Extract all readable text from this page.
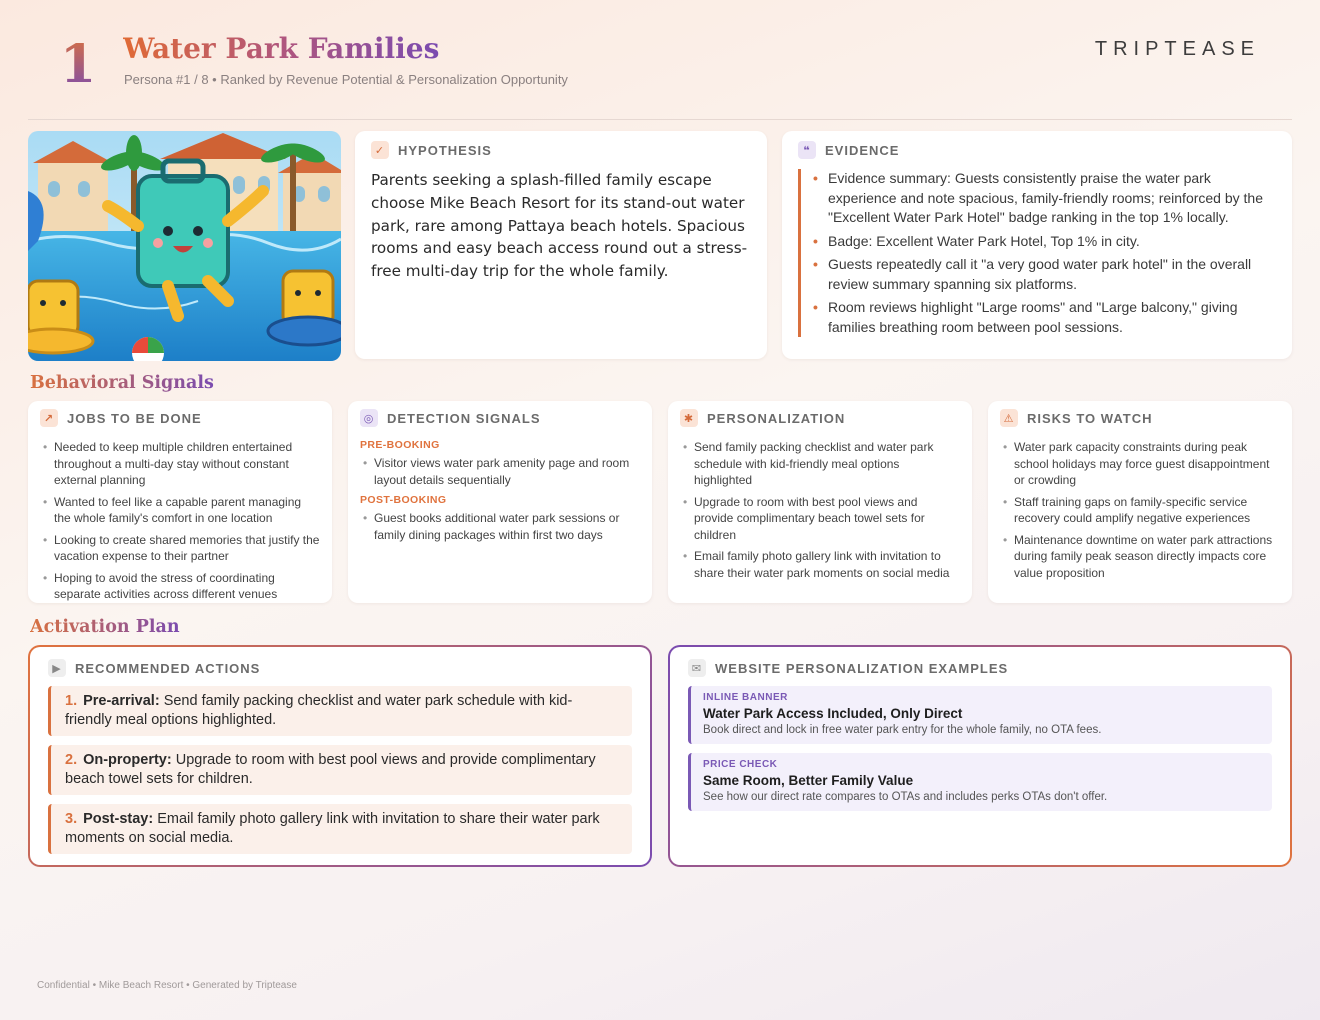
1 Water Park Families
Persona #1 / 8 • Ranked by Revenue Potential & Personalization Opportunity
TRIPTEASE
✓ HYPOTHESIS

Parents seeking a splash-filled family escape choose Mike Beach Resort for its stand-out water park, rare among Pattaya beach hotels. Spacious rooms and easy beach access round out a stress-free multi-day trip for the whole family.

❝	EVIDENCE
• Evidence summary: Guests consistently praise the water park experience and note spacious, family-friendly rooms; reinforced by the "Excellent Water Park Hotel" badge ranking in the top 1% locally.
• Badge: Excellent Water Park Hotel, Top 1% in city.
• Guests repeatedly call it "a very good water park hotel" in the overall review summary spanning six platforms.
• Room reviews highlight "Large rooms" and "Large balcony," giving families breathing room between pool sessions.
Behavioral Signals
↗ JOBS TO BE DONE
• Needed to keep multiple children entertained throughout a multi-day stay without constant external planning
• Wanted to feel like a capable parent managing the whole family's comfort in one location
• Looking to create shared memories that justify the vacation expense to their partner
• Hoping to avoid the stress of coordinating separate activities across different venues
◎ DETECTION SIGNALS
PRE-BOOKING
• Visitor views water park amenity page and room layout details sequentially
POST-BOOKING
• Guest books additional water park sessions or family dining packages within first two days
✱ PERSONALIZATION
• Send family packing checklist and water park schedule with kid-friendly meal options highlighted
• Upgrade to room with best pool views and provide complimentary beach towel sets for children
• Email family photo gallery link with invitation to share their water park moments on social media
⚠ RISKS TO WATCH
• Water park capacity constraints during peak school holidays may force guest disappointment or crowding
• Staff training gaps on family-specific service recovery could amplify negative experiences
• Maintenance downtime on water park attractions during family peak season directly impacts core value proposition
Activation Plan
▶	RECOMMENDED ACTIONS
1. Pre-arrival: Send family packing checklist and water park schedule with kid-friendly meal options highlighted.
2. On-property: Upgrade to room with best pool views and provide complimentary beach towel sets for children.
3. Post-stay: Email family photo gallery link with invitation to share their water park moments on social media.
✉ WEBSITE PERSONALIZATION EXAMPLES
INLINE BANNER
Water Park Access Included, Only Direct
Book direct and lock in free water park entry for the whole family, no OTA fees.
PRICE CHECK
Same Room, Better Family Value
See how our direct rate compares to OTAs and includes perks OTAs don't offer.
Confidential • Mike Beach Resort • Generated by Triptease
